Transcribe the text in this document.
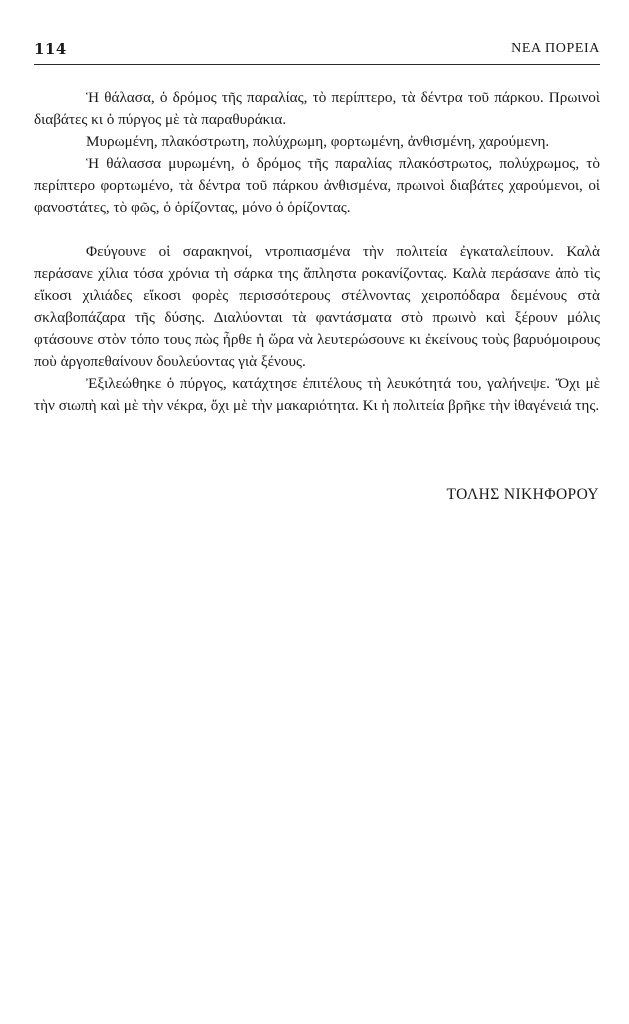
114	ΝΕΑ ΠΟΡΕΙΑ

Ἡ θάλασα, ὁ δρόμος τῆς παραλίας, τὸ περίπτερο, τὰ δέντρα τοῦ πάρκου. Πρωινοὶ διαβάτες κι ὁ πύργος μὲ τὰ παραθυράκια.

Μυρωμένη, πλακόστρωτη, πολύχρωμη, φορτωμένη, ἀνθισμένη, χαρούμενη.

Ἡ θάλασσα μυρωμένη, ὁ δρόμος τῆς παραλίας πλακόστρωτος, πολύχρωμος, τὸ περίπτερο φορτωμένο, τὰ δέντρα τοῦ πάρκου ἀνθισμένα, πρωινοὶ διαβάτες χαρούμενοι, οἱ φανοστάτες, τὸ φῶς, ὁ ὁρίζοντας, μόνο ὁ ὁρίζοντας.

Φεύγουνε οἱ σαρακηνοί, ντροπιασμένα τὴν πολιτεία ἐγκαταλείπουν. Καλὰ περάσανε χίλια τόσα χρόνια τὴ σάρκα της ἄπληστα ροκανίζοντας. Καλὰ περάσανε ἀπὸ τὶς εἴκοσι χιλιάδες εἴκοσι φορὲς περισσότερους στέλνοντας χειροπόδαρα δεμένους στὰ σκλαβοπάζαρα τῆς δύσης. Διαλύονται τὰ φαντάσματα στὸ πρωινὸ καὶ ξέρουν μόλις φτάσουνε στὸν τόπο τους πὼς ἦρθε ἡ ὥρα νὰ λευτερώσουνε κι ἐκείνους τοὺς βαρυόμοιρους ποὺ ἀργοπεθαίνουν δουλεύοντας γιὰ ξένους.

Ἐξιλεώθηκε ὁ πύργος, κατάχτησε ἐπιτέλους τὴ λευκότητά του, γαλήνεψε. Ὄχι μὲ τὴν σιωπὴ καὶ μὲ τὴν νέκρα, ὄχι μὲ τὴν μακαριότητα. Κι ἡ πολιτεία βρῆκε τὴν ἰθαγένειά της.

ΤΟΛΗΣ ΝΙΚΗΦΟΡΟΥ
